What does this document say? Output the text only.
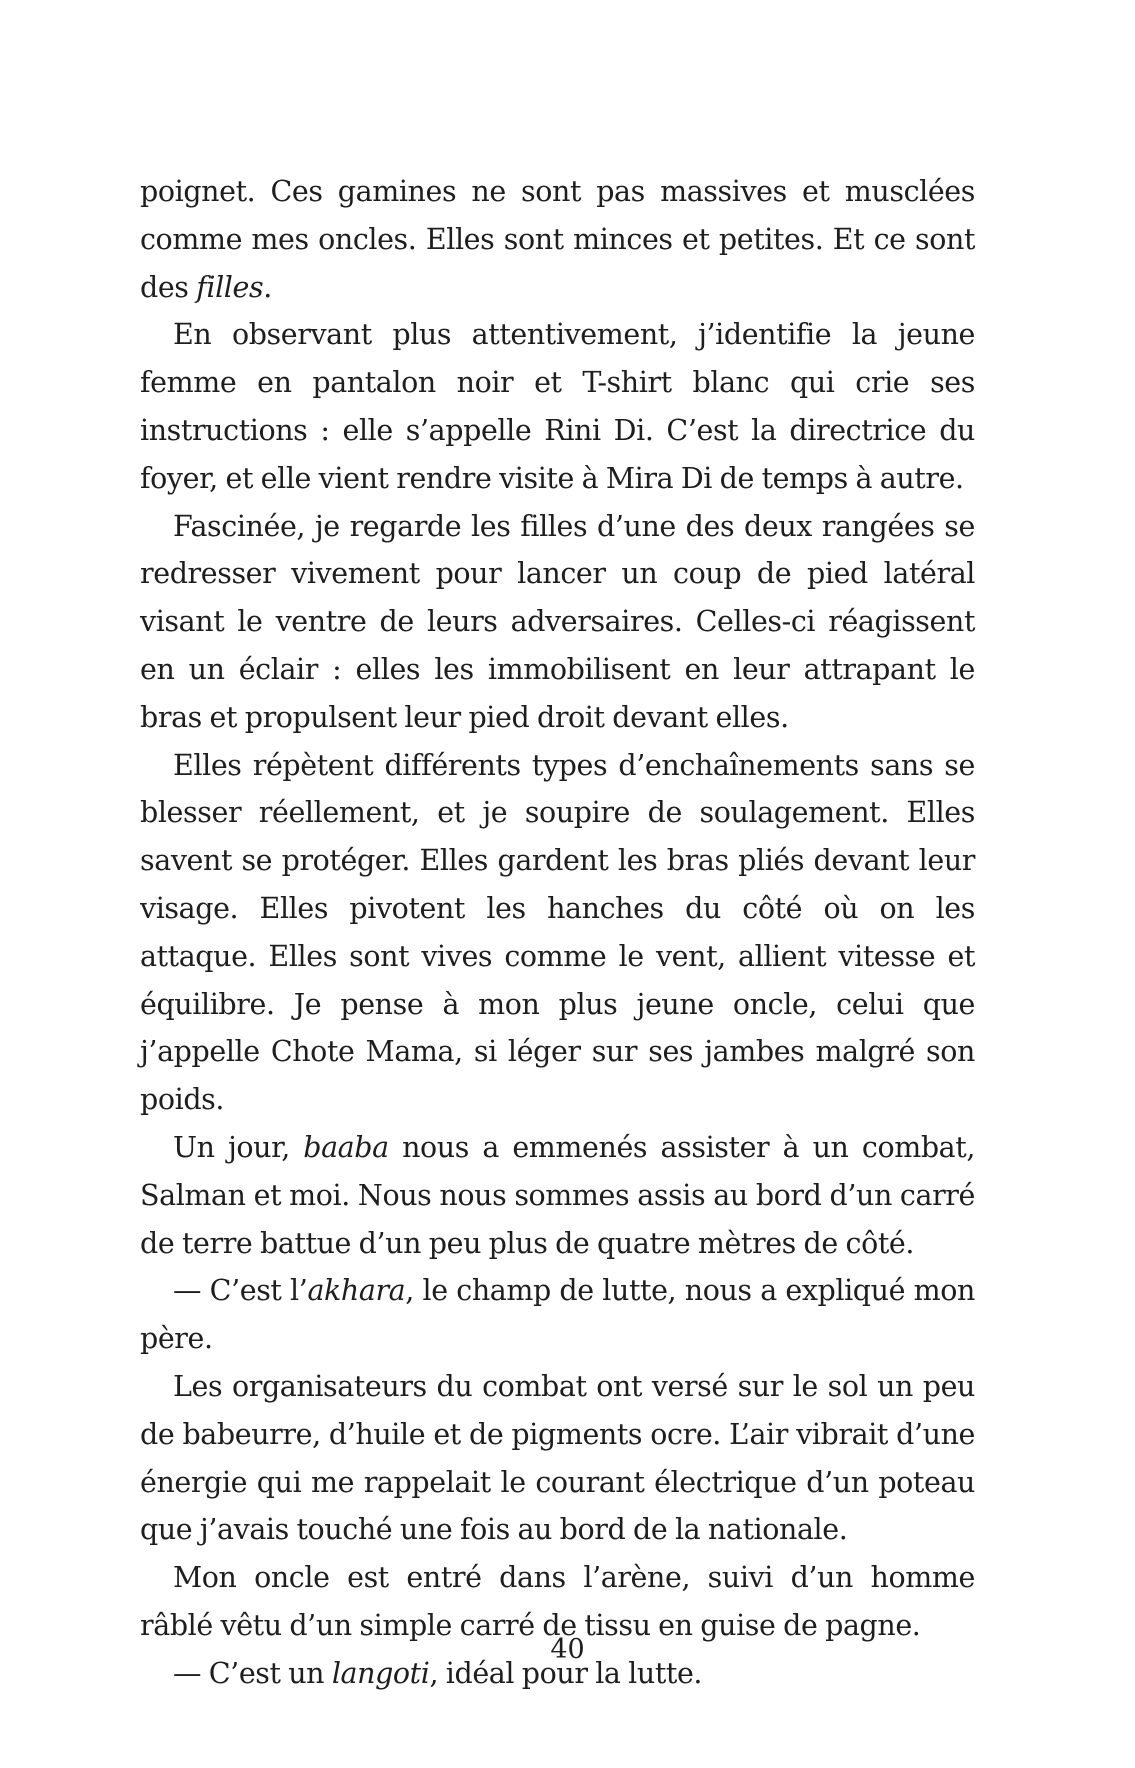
poignet. Ces gamines ne sont pas massives et musclées comme mes oncles. Elles sont minces et petites. Et ce sont des filles.

En observant plus attentivement, j’identifie la jeune femme en pantalon noir et T-shirt blanc qui crie ses instructions : elle s’appelle Rini Di. C’est la directrice du foyer, et elle vient rendre visite à Mira Di de temps à autre.

Fascinée, je regarde les filles d’une des deux rangées se redresser vivement pour lancer un coup de pied latéral visant le ventre de leurs adversaires. Celles-ci réagissent en un éclair : elles les immobilisent en leur attrapant le bras et propulsent leur pied droit devant elles.

Elles répètent différents types d’enchaînements sans se blesser réellement, et je soupire de soulagement. Elles savent se protéger. Elles gardent les bras pliés devant leur visage. Elles pivotent les hanches du côté où on les attaque. Elles sont vives comme le vent, allient vitesse et équilibre. Je pense à mon plus jeune oncle, celui que j’appelle Chote Mama, si léger sur ses jambes malgré son poids.

Un jour, baaba nous a emmenés assister à un combat, Salman et moi. Nous nous sommes assis au bord d’un carré de terre battue d’un peu plus de quatre mètres de côté.

— C’est l’akhara, le champ de lutte, nous a expliqué mon père.

Les organisateurs du combat ont versé sur le sol un peu de babeurre, d’huile et de pigments ocre. L’air vibrait d’une énergie qui me rappelait le courant électrique d’un poteau que j’avais touché une fois au bord de la nationale.

Mon oncle est entré dans l’arène, suivi d’un homme râblé vêtu d’un simple carré de tissu en guise de pagne.

— C’est un langoti, idéal pour la lutte.

40
